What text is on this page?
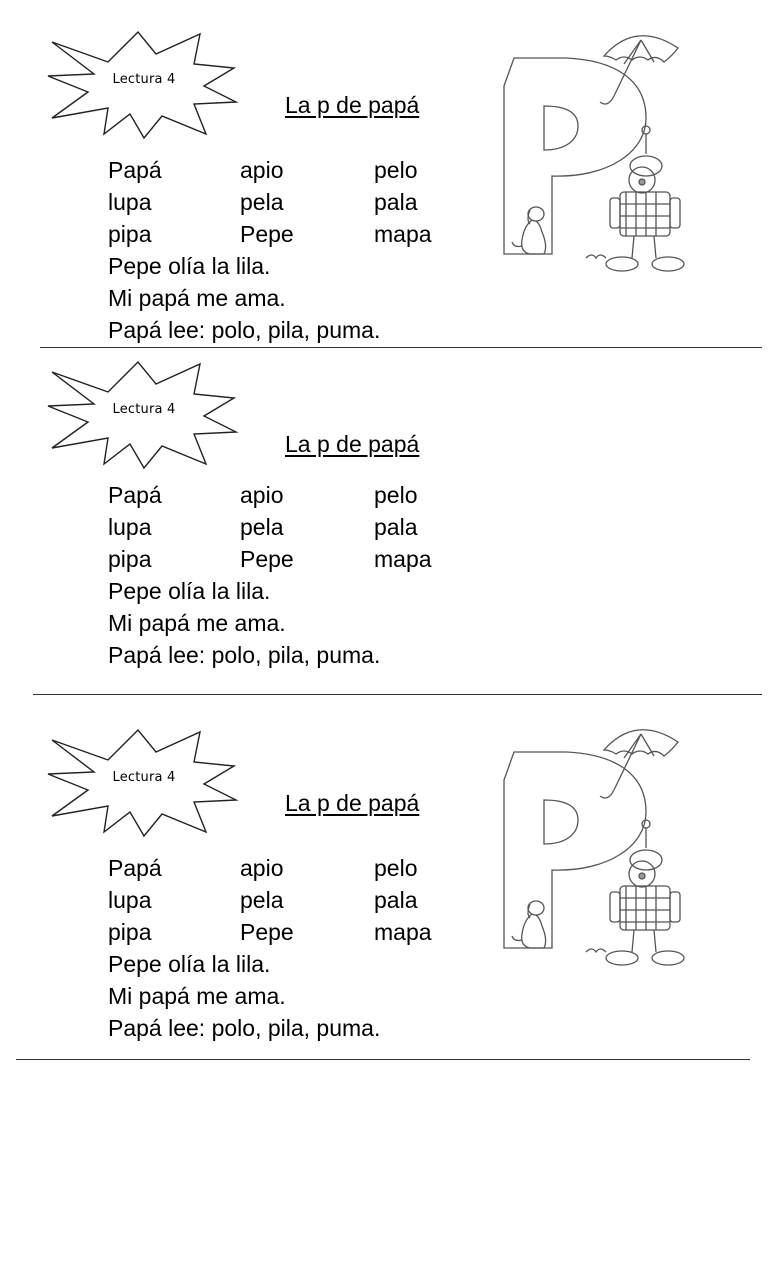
Lectura 4
La p de papá
Papá	apio	pelo
lupa	pela	pala
pipa	Pepe	mapa
Pepe olía la lila.
Mi papá me ama.
Papá lee: polo, pila, puma.
Lectura 4
La p de papá
Papá	apio	pelo
lupa	pela	pala
pipa	Pepe	mapa
Pepe olía la lila.
Mi papá me ama.
Papá lee: polo, pila, puma.
Lectura 4
La p de papá
Papá	apio	pelo
lupa	pela	pala
pipa	Pepe	mapa
Pepe olía la lila.
Mi papá me ama.
Papá lee: polo, pila, puma.
